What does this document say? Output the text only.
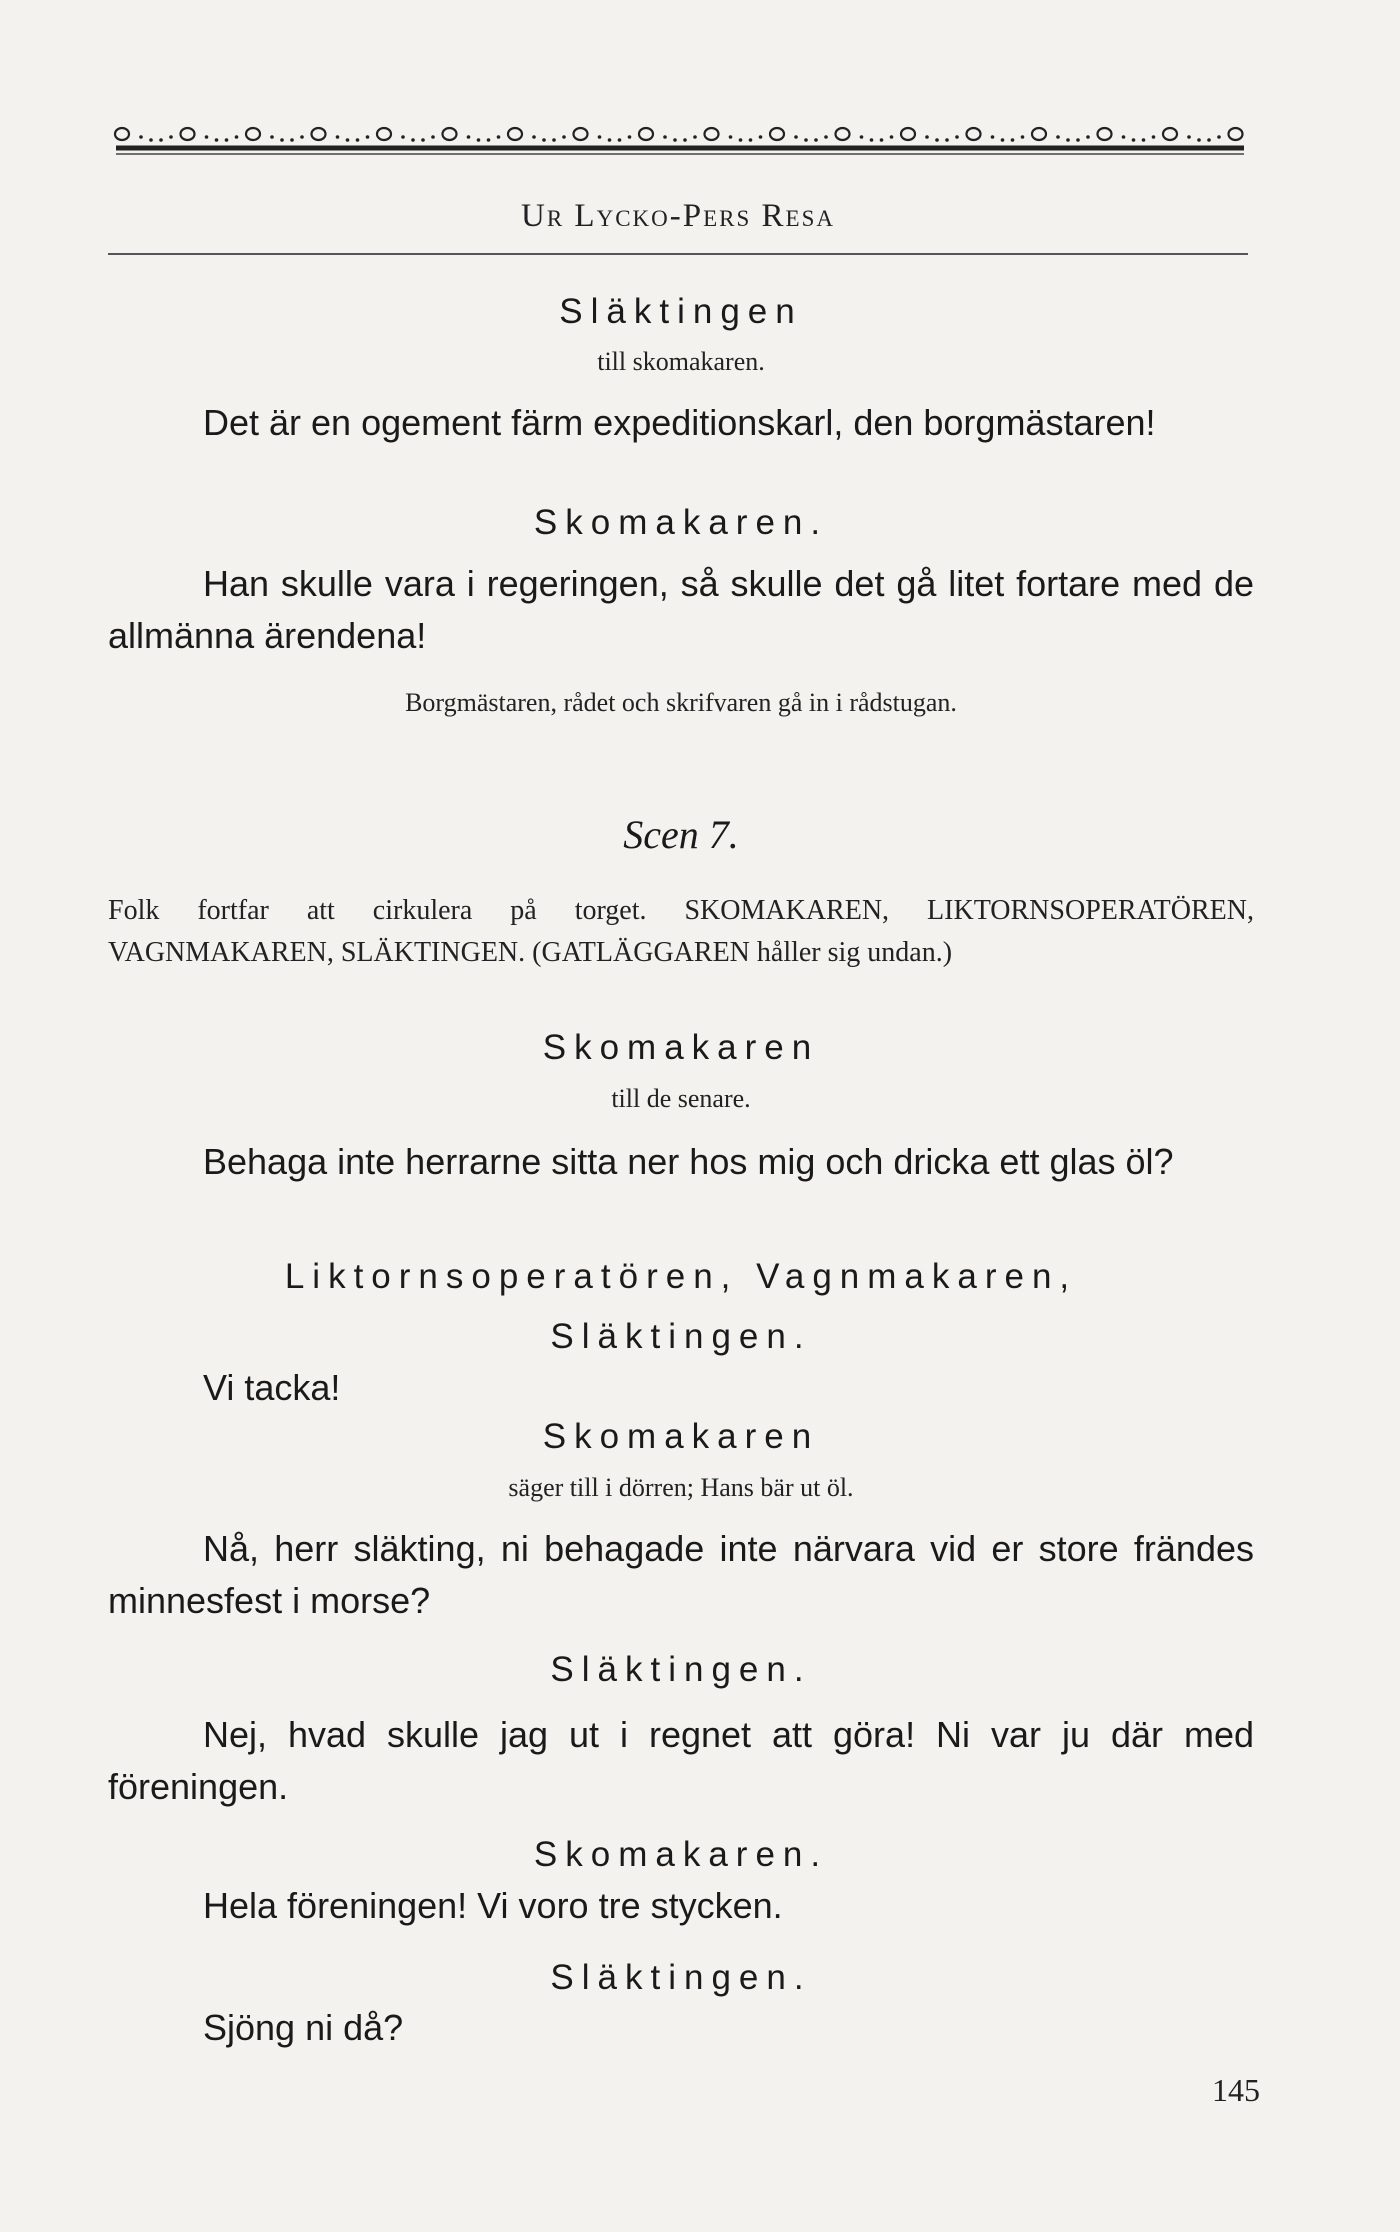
Ur Lycko-Pers Resa
Släktingen
till skomakaren.
Det är en ogement färm expeditionskarl, den borgmästaren!
Skomakaren.
Han skulle vara i regeringen, så skulle det gå litet fortare med de allmänna ärendena!
Borgmästaren, rådet och skrifvaren gå in i rådstugan.
Scen 7.
Folk fortfar att cirkulera på torget. SKOMAKAREN, LIKTORNSOPERATÖREN, VAGNMAKAREN, SLÄKTINGEN. (GATLÄGGAREN håller sig undan.)
Skomakaren
till de senare.
Behaga inte herrarne sitta ner hos mig och dricka ett glas öl?
Liktornsoperatören, Vagnmakaren,
Släktingen.
Vi tacka!
Skomakaren
säger till i dörren; Hans bär ut öl.
Nå, herr släkting, ni behagade inte närvara vid er store frändes minnesfest i morse?
Släktingen.
Nej, hvad skulle jag ut i regnet att göra! Ni var ju där med föreningen.
Skomakaren.
Hela föreningen! Vi voro tre stycken.
Släktingen.
Sjöng ni då?
145
